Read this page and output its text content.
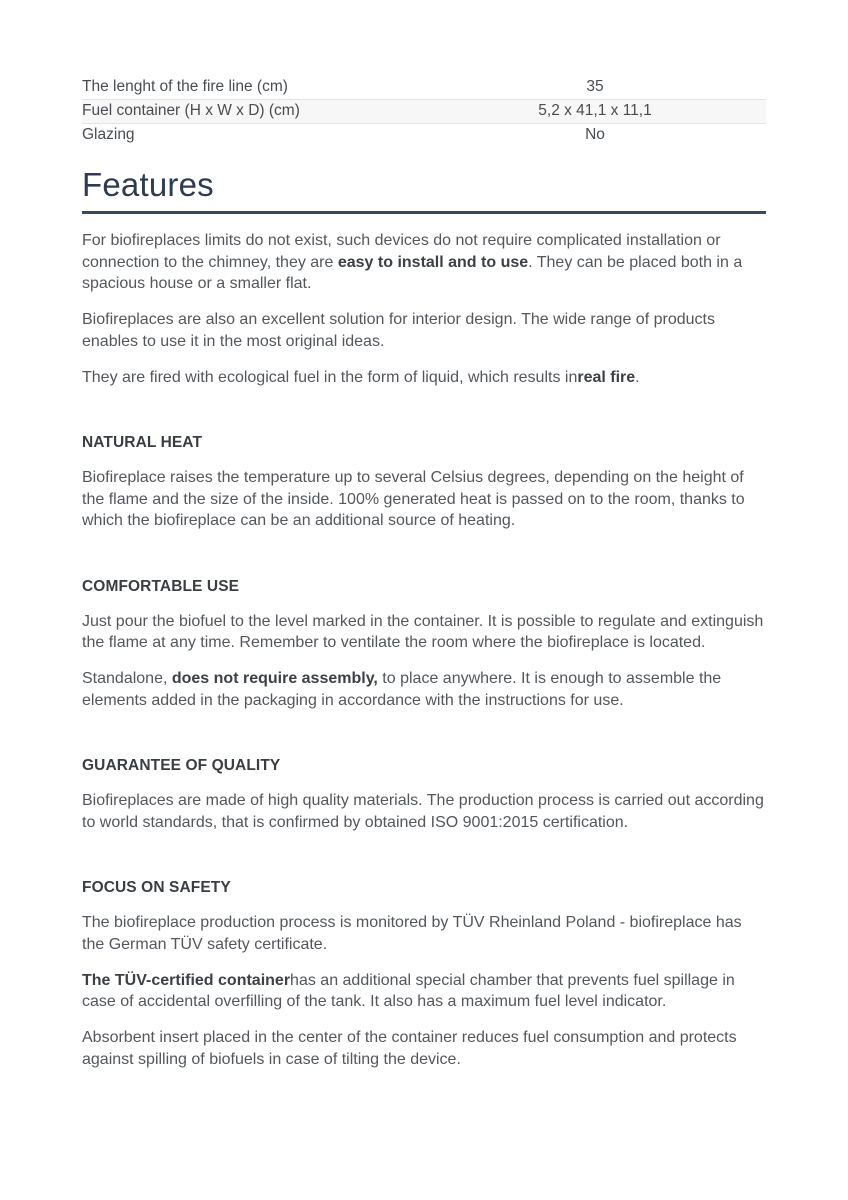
The lenght of the fire line (cm)	35
Fuel container (H x W x D) (cm)	5,2 x 41,1 x 11,1
Glazing	No
Features

For biofireplaces limits do not exist, such devices do not require complicated installation or connection to the chimney, they are easy to install and to use. They can be placed both in a spacious house or a smaller flat.

Biofireplaces are also an excellent solution for interior design. The wide range of products enables to use it in the most original ideas.

They are fired with ecological fuel in the form of liquid, which results inreal fire.

NATURAL HEAT

Biofireplace raises the temperature up to several Celsius degrees, depending on the height of the flame and the size of the inside. 100% generated heat is passed on to the room, thanks to which the biofireplace can be an additional source of heating.

COMFORTABLE USE

Just pour the biofuel to the level marked in the container. It is possible to regulate and extinguish the flame at any time. Remember to ventilate the room where the biofireplace is located.

Standalone, does not require assembly, to place anywhere. It is enough to assemble the elements added in the packaging in accordance with the instructions for use.

GUARANTEE OF QUALITY

Biofireplaces are made of high quality materials. The production process is carried out according to world standards, that is confirmed by obtained ISO 9001:2015 certification.

FOCUS ON SAFETY

The biofireplace production process is monitored by TÜV Rheinland Poland - biofireplace has the German TÜV safety certificate.

The TÜV-certified containerhas an additional special chamber that prevents fuel spillage in case of accidental overfilling of the tank. It also has a maximum fuel level indicator.

Absorbent insert placed in the center of the container reduces fuel consumption and protects against spilling of biofuels in case of tilting the device.
